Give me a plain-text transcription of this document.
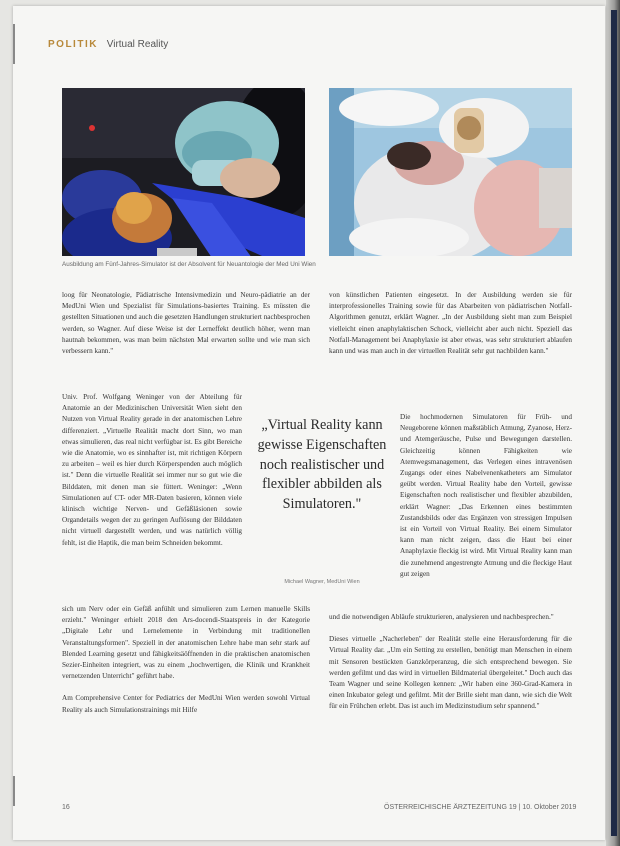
POLITIK Virtual Reality
Ausbildung am Fünf-Jahres-Simulator ist der Absolvent für Neuantologie der Med Uni Wien

loog für Neonatologie, Pädiatrische Intensivmedizin und Neuro-pädiatrie an der MedUni Wien und Spezialist für Simulations-basiertes Training. Es müssten die gestellten Situationen und auch die gesetzten Handlungen strukturiert nachbesprochen werden, so Wagner. Auf diese Weise ist der Lerneffekt deutlich höher, wenn man hautnah bekommen, was man beim nächsten Mal erwarten sollte und wie man sich verbessern kann."

Univ. Prof. Wolfgang Weninger von der Abteilung für Anatomie an der Medizinischen Universität Wien sieht den Nutzen von Virtual Reality gerade in der anatomischen Lehre differenziert. „Virtuelle Realität macht dort Sinn, wo man etwas simulieren, das real nicht verfügbar ist. Es gibt Bereiche wie die Anatomie, wo es sinnhafter ist, mit richtigen Körpern zu arbeiten – weil es hier durch Körperspenden auch möglich ist." Denn die virtuelle Realität sei immer nur so gut wie die Bilddaten, mit denen man sie füttert. Weninger: „Wenn Simulationen auf CT- oder MR-Daten basieren, können viele klinisch wichtige Nerven- und Gefäßläsionen sowie Organdetails wegen der zu geringen Auflösung der Bilddaten nicht virtuell dargestellt werden, und was natürlich völlig fehlt, ist die Haptik, die man beim Schneiden bekommt.

sich um Nerv oder ein Gefäß anfühlt und simulieren zum Lernen manuelle Skills erzieht." Weninger erhielt 2018 den Ars-docendi-Staatspreis in der Kategorie „Digitale Lehr und Lernelemente in Verbindung mit traditionellen Veranstaltungsformen". Speziell in der anatomischen Lehre habe man sehr stark auf Blended Learning gesetzt und fähigkeitsäöffnenden in die praktischen anatomischen Sezier-Einheiten integriert, was zu einem „hochwertigen, die Klinik und Krankheit vernetzenden Unterricht" geführt habe.

Am Comprehensive Center for Pediatrics der MedUni Wien werden sowohl Virtual Reality als auch Simulationstrainings mit Hilfe

„Virtual Reality kann gewisse Eigenschaften noch realistischer und flexibler abbilden als Simulatoren."
Michael Wagner, MedUni Wien

von künstlichen Patienten eingesetzt. In der Ausbildung werden sie für interprofessionelles Training sowie für das Abarbeiten von pädiatrischen Notfall-Algorithmen genutzt, erklärt Wagner. „In der Ausbildung sieht man zum Beispiel vielleicht einen anaphylaktischen Schock, vielleicht aber auch nicht. Speziell das Notfall-Management bei Anaphylaxie ist aber etwas, was sehr strukturiert ablaufen kann und was man auch in der virtuellen Realität sehr gut nachbilden kann."

Die hochmodernen Simulatoren für Früh- und Neugeborene können maßstäblich Atmung, Zyanose, Herz- und Atemgeräusche, Pulse und Bewegungen darstellen. Gleichzeitig können Fähigkeiten wie Atemwegsmanagement, das Verlegen eines intravenösen Zugangs oder eines Nabelvenenkatheters am Simulator geübt werden. Virtual Reality habe den Vorteil, gewisse Eigenschaften noch realistischer und flexibler abzubilden, erklärt Wagner: „Das Erkennen eines bestimmten Zustandsbilds oder das Ergänzen von stressigen Impulsen ist ein Vorteil von Virtual Reality. Bei einem Simulator kann man nicht zeigen, dass die Haut bei einer Anaphylaxie fleckig ist wird. Mit Virtual Reality kann man die zunehmend angestrengte Atmung und die fleckige Haut gut zeigen

und die notwendigen Abläufe strukturieren, analysieren und nachbesprechen."

Dieses virtuelle „Nacherleben" der Realität stelle eine Herausforderung für die Virtual Reality dar. „Um ein Setting zu erstellen, benötigt man Menschen in einem mit Sensoren bestückten Ganzkörperanzug, die sich entsprechend bewegen. Sie werden gefilmt und das wird in virtuellen Bildmaterial übergeleitet." Doch auch das Team Wagner und seine Kollegen kennen: „Wir haben eine 360-Grad-Kamera in einen Inkubator gelegt und gefilmt. Mit der Brille sieht man dann, wie sich die Welt für ein Frühchen erlebt. Das ist auch im Medizinstudium sehr spannend."

16	ÖSTERREICHISCHE ÄRZTEZEITUNG 19 | 10. Oktober 2019
